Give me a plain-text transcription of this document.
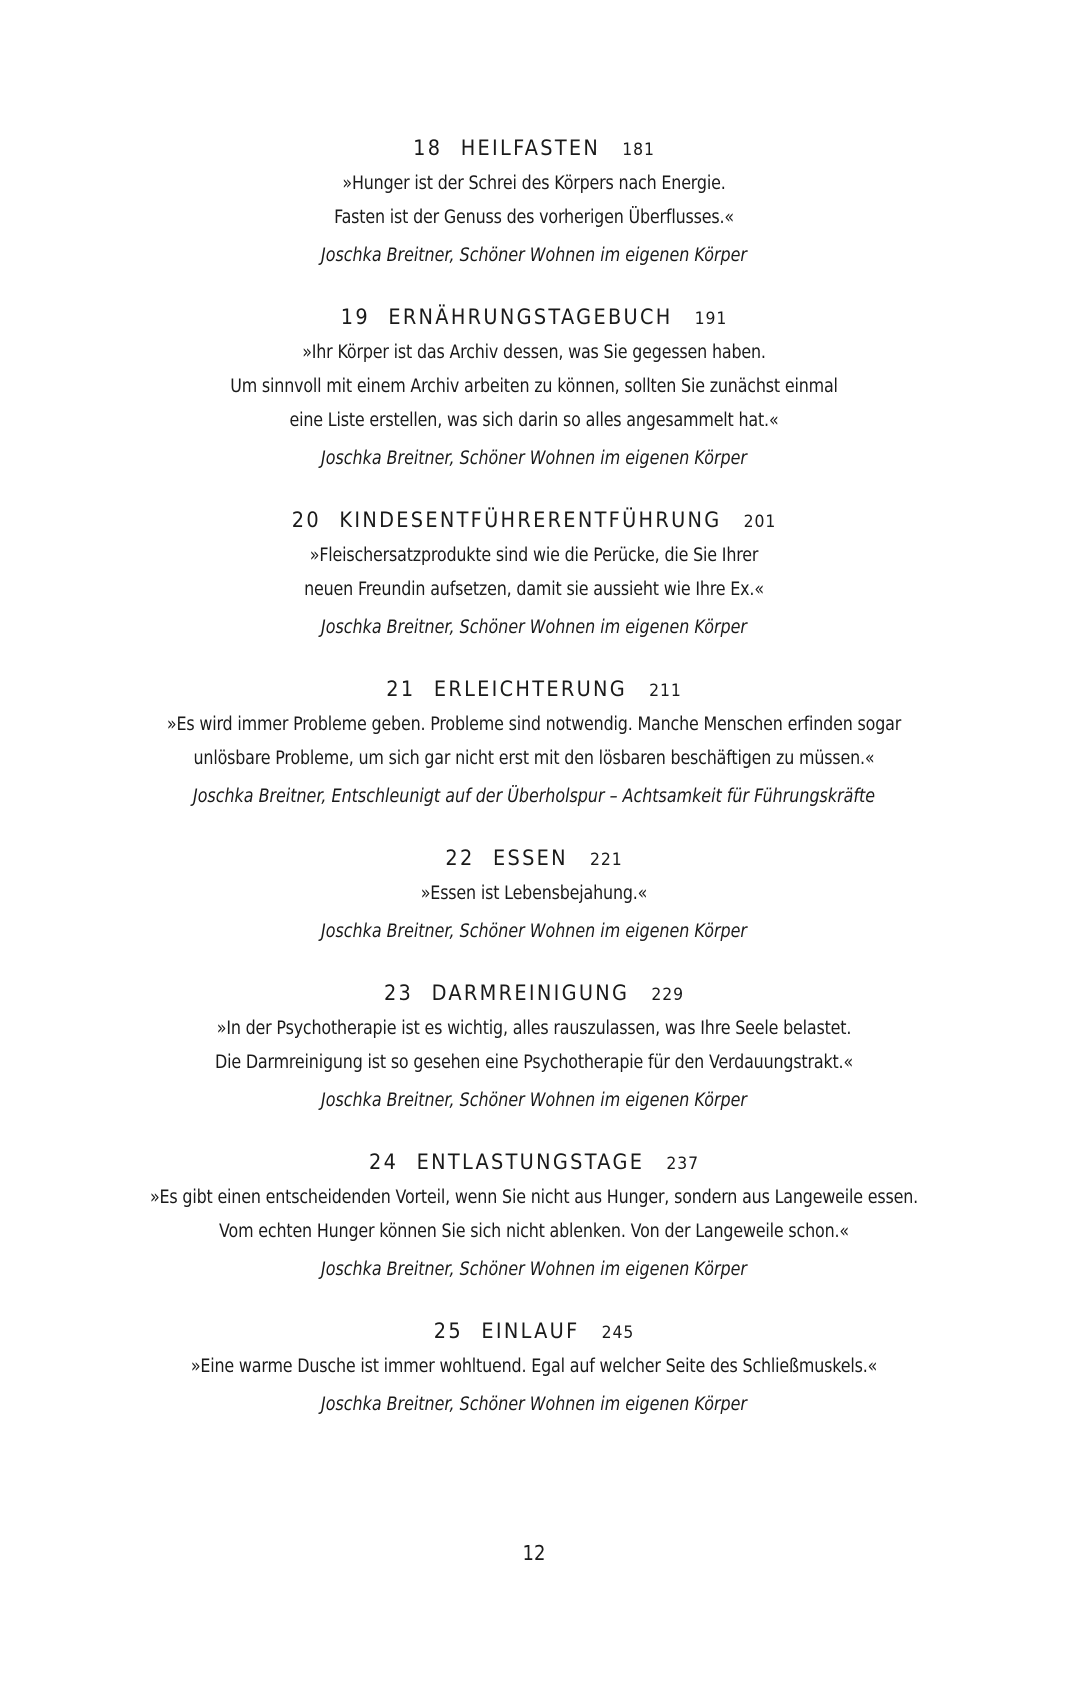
18 HEILFASTEN 181
»Hunger ist der Schrei des Körpers nach Energie.
Fasten ist der Genuss des vorherigen Überflusses.«
Joschka Breitner, Schöner Wohnen im eigenen Körper
19 ERNÄHRUNGSTAGEBUCH 191
»Ihr Körper ist das Archiv dessen, was Sie gegessen haben.
Um sinnvoll mit einem Archiv arbeiten zu können, sollten Sie zunächst einmal
eine Liste erstellen, was sich darin so alles angesammelt hat.«
Joschka Breitner, Schöner Wohnen im eigenen Körper
20 KINDESENTFÜHRERENTFÜHRUNG 201
»Fleischersatzprodukte sind wie die Perücke, die Sie Ihrer
neuen Freundin aufsetzen, damit sie aussieht wie Ihre Ex.«
Joschka Breitner, Schöner Wohnen im eigenen Körper
21 ERLEICHTERUNG 211
»Es wird immer Probleme geben. Probleme sind notwendig. Manche Menschen erfinden sogar
unlösbare Probleme, um sich gar nicht erst mit den lösbaren beschäftigen zu müssen.«
Joschka Breitner, Entschleunigt auf der Überholspur – Achtsamkeit für Führungskräfte
22 ESSEN 221
»Essen ist Lebensbejahung.«
Joschka Breitner, Schöner Wohnen im eigenen Körper
23 DARMREINIGUNG 229
»In der Psychotherapie ist es wichtig, alles rauszulassen, was Ihre Seele belastet.
Die Darmreinigung ist so gesehen eine Psychotherapie für den Verdauungstrakt.«
Joschka Breitner, Schöner Wohnen im eigenen Körper
24 ENTLASTUNGSTAGE 237
»Es gibt einen entscheidenden Vorteil, wenn Sie nicht aus Hunger, sondern aus Langeweile essen.
Vom echten Hunger können Sie sich nicht ablenken. Von der Langeweile schon.«
Joschka Breitner, Schöner Wohnen im eigenen Körper
25 EINLAUF 245
»Eine warme Dusche ist immer wohltuend. Egal auf welcher Seite des Schließmuskels.«
Joschka Breitner, Schöner Wohnen im eigenen Körper
12
